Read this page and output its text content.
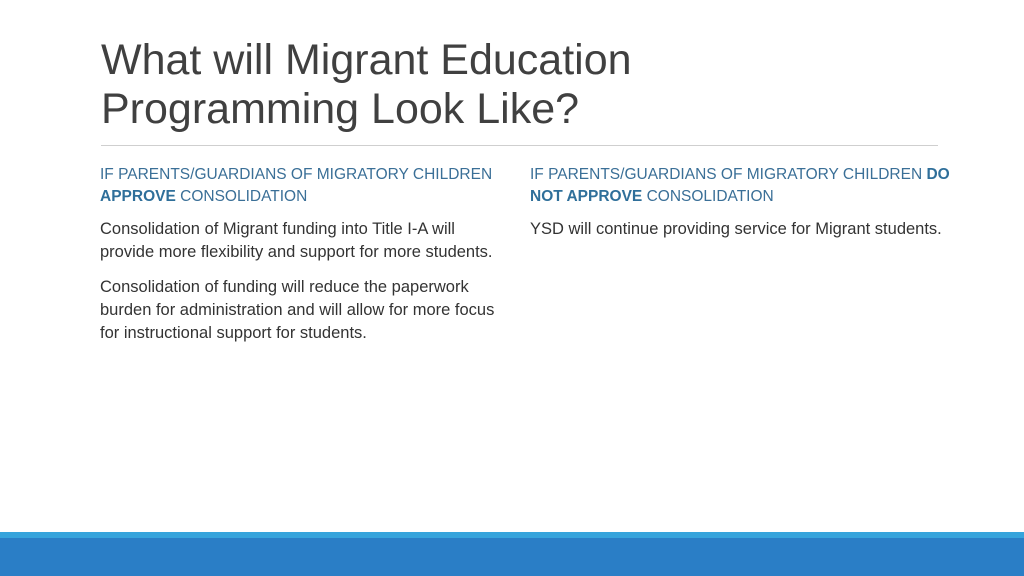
What will Migrant Education
Programming Look Like?

IF PARENTS/GUARDIANS OF MIGRATORY CHILDREN APPROVE CONSOLIDATION

Consolidation of Migrant funding into Title I-A will provide more flexibility and support for more students.

Consolidation of funding will reduce the paperwork burden for administration and will allow for more focus for instructional support for students.

IF PARENTS/GUARDIANS OF MIGRATORY CHILDREN DO NOT APPROVE CONSOLIDATION

YSD will continue providing service for Migrant students.
